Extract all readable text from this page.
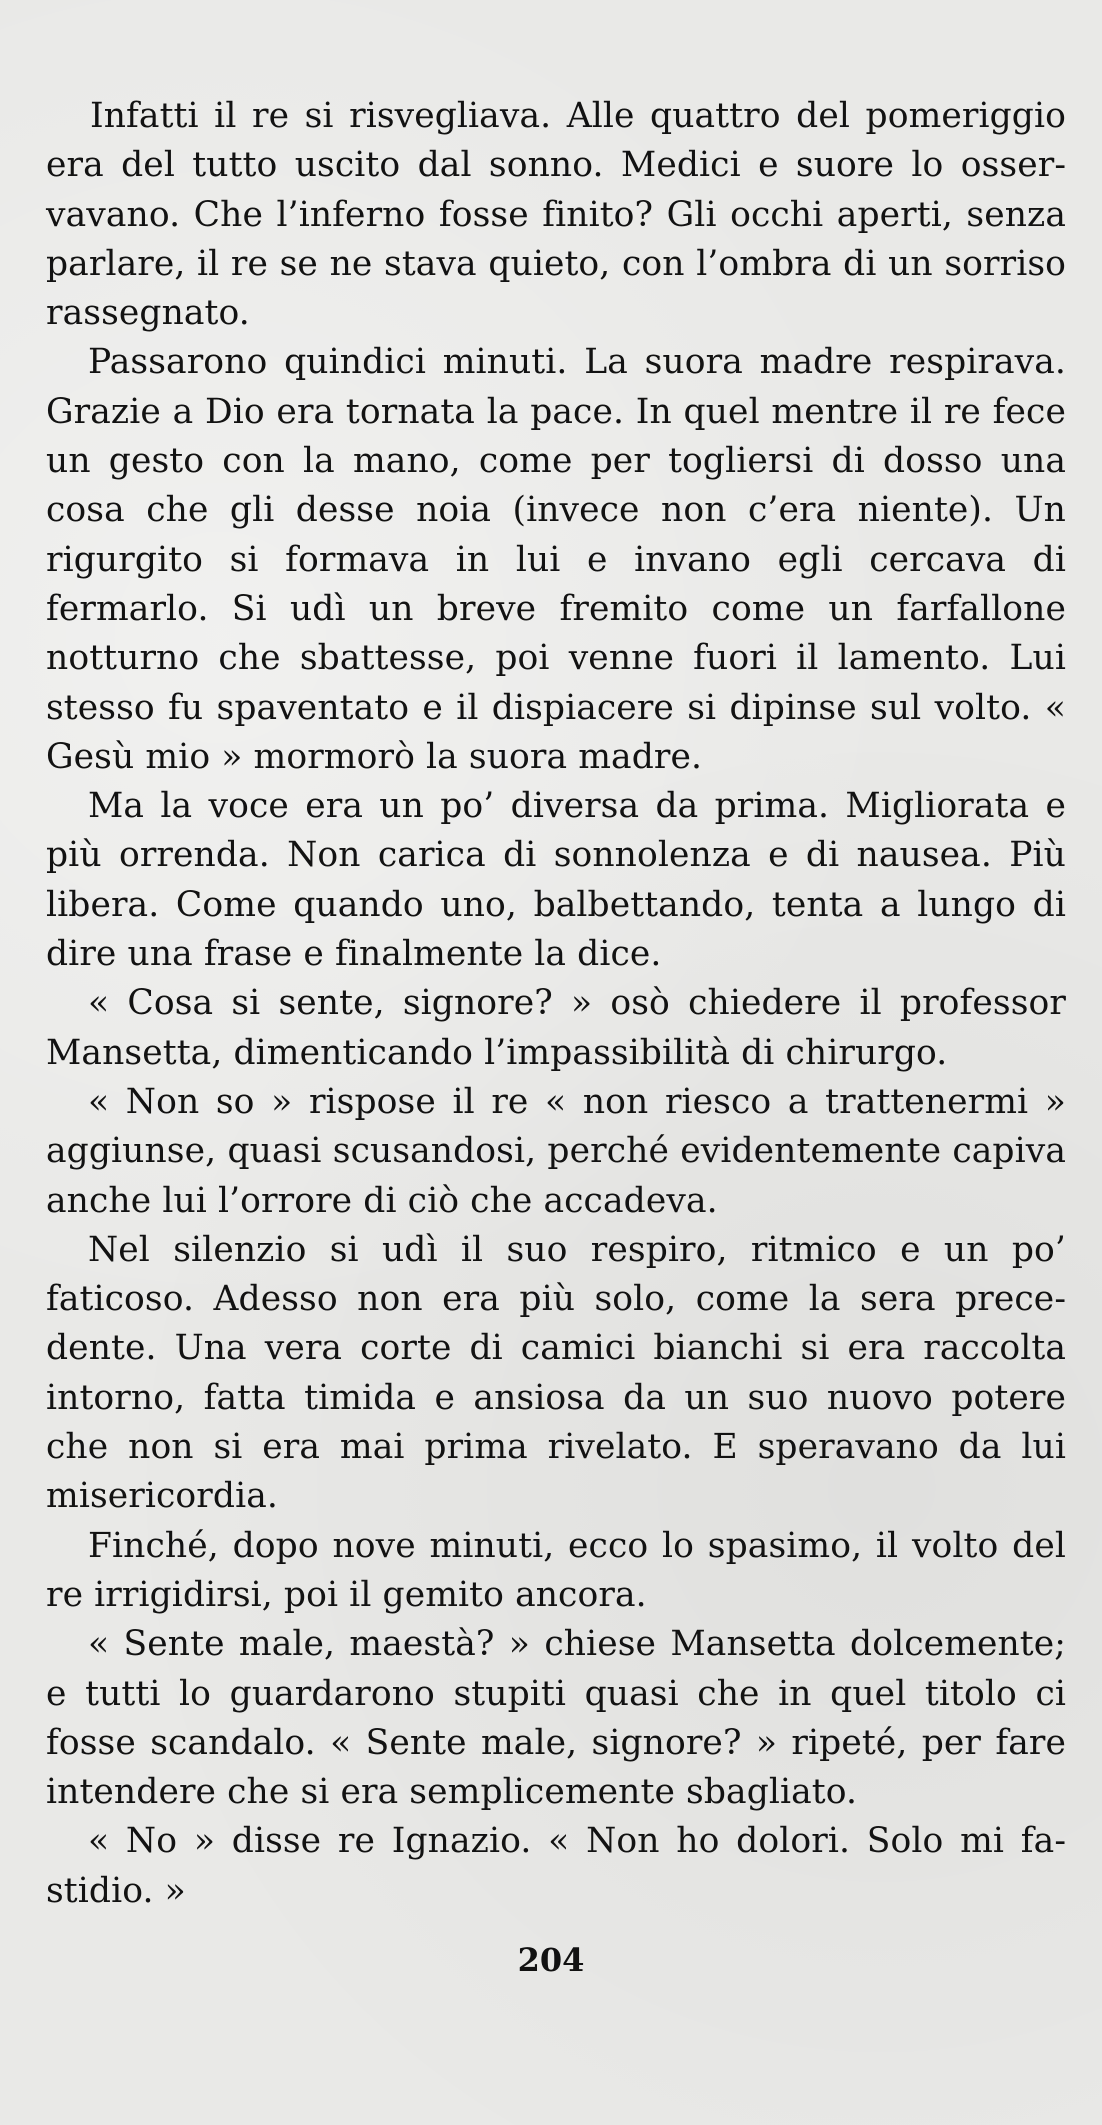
Infatti il re si risvegliava. Alle quattro del pomeriggio era del tutto uscito dal sonno. Medici e suore lo osservavano. Che l’inferno fosse finito? Gli occhi aperti, senza parlare, il re se ne stava quieto, con l’ombra di un sorriso rassegnato.

Passarono quindici minuti. La suora madre respirava. Grazie a Dio era tornata la pace. In quel mentre il re fece un gesto con la mano, come per togliersi di dosso una cosa che gli desse noia (invece non c’era niente). Un rigurgito si formava in lui e invano egli cercava di fermarlo. Si udì un breve fremito come un farfallone notturno che sbattesse, poi venne fuori il lamento. Lui stesso fu spaventato e il dispiacere si dipinse sul volto. « Gesù mio » mormorò la suora madre.

Ma la voce era un po’ diversa da prima. Migliorata e più orrenda. Non carica di sonnolenza e di nausea. Più libera. Come quando uno, balbettando, tenta a lungo di dire una frase e finalmente la dice.

« Cosa si sente, signore? » osò chiedere il professor Mansetta, dimenticando l’impassibilità di chirurgo.

« Non so » rispose il re « non riesco a trattenermi » aggiunse, quasi scusandosi, perché evidentemente capiva anche lui l’orrore di ciò che accadeva.

Nel silenzio si udì il suo respiro, ritmico e un po’ faticoso. Adesso non era più solo, come la sera precedente. Una vera corte di camici bianchi si era raccolta intorno, fatta timida e ansiosa da un suo nuovo potere che non si era mai prima rivelato. E speravano da lui misericordia.

Finché, dopo nove minuti, ecco lo spasimo, il volto del re irrigidirsi, poi il gemito ancora.

« Sente male, maestà? » chiese Mansetta dolcemente; e tutti lo guardarono stupiti quasi che in quel titolo ci fosse scandalo. « Sente male, signore? » ripeté, per fare intendere che si era semplicemente sbagliato.

« No » disse re Ignazio. « Non ho dolori. Solo mi fastidio. »

204
